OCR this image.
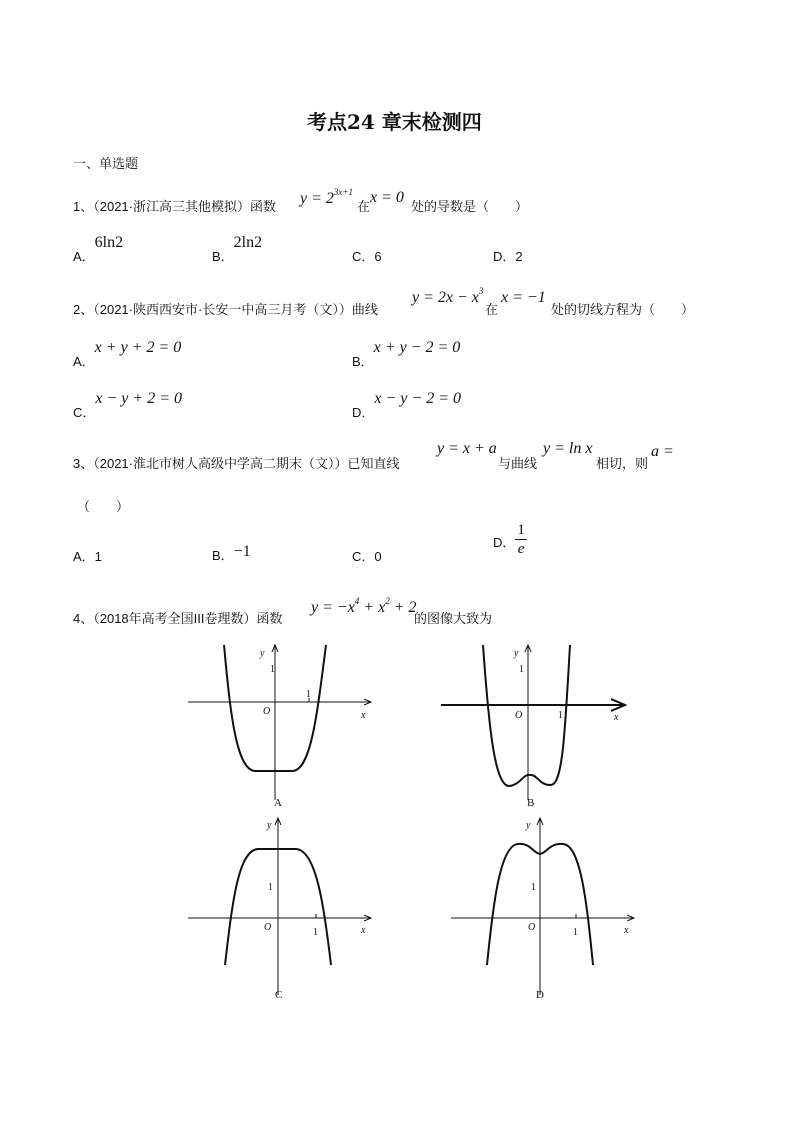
考点24 章末检测四
一、单选题
1、（2021·浙江高三其他模拟）函数 $y = 2^{3x+1}$
在
x = 0
处的导数是（　　）
$_{A.}$6ln2
$_{B.}$2ln2
C．6	D．2
2、（2021·陕西西安市·长安一中高三月考（文））曲线
$y = 2x - x^3$
在
x = −1
处的切线方程为（　　）
$_{A.}$x + y + 2 = 0
$_{B.}$x + y − 2 = 0
$_{C.}$x − y + 2 = 0
$_{D.}$x − y − 2 = 0
3、（2021·淮北市树人高级中学高二期末（文））已知直线
y = x + a
与曲线
y = ln x
相切，则
a =
（　　）
A．1	$_{B.}$−1	C．0
$^{D.} \frac{1}{e}$
4、（2018年高考全国III卷理数）函数
$y = -x^4 + x^2 + 2$
的图像大致为
1
1
O
y
x
A
1
1
O
y
x
B
1
1
O
y
x
C
1
1
O
y
x
D
